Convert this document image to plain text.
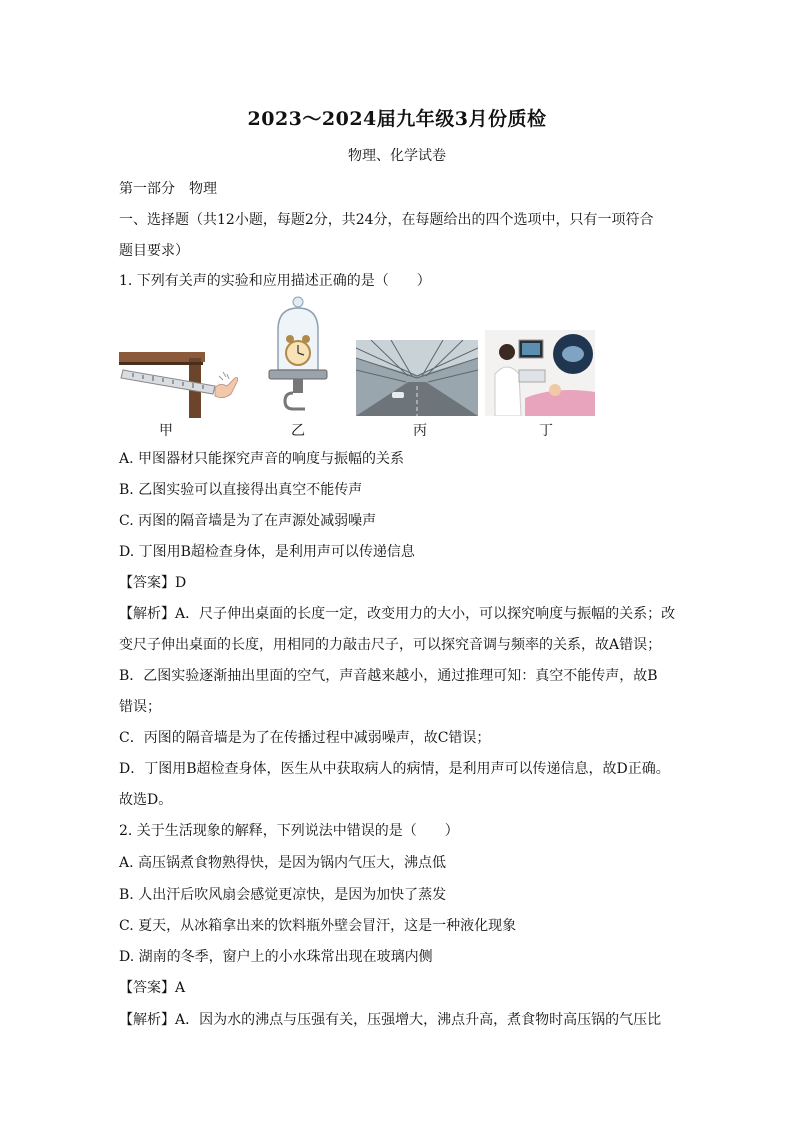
2023～2024届九年级3月份质检
物理、化学试卷
第一部分　物理
一、选择题（共12小题，每题2分，共24分，在每题给出的四个选项中，只有一项符合
题目要求）
1. 下列有关声的实验和应用描述正确的是（　　）
甲	乙	丙	丁
A. 甲图器材只能探究声音的响度与振幅的关系
B. 乙图实验可以直接得出真空不能传声
C. 丙图的隔音墙是为了在声源处减弱噪声
D. 丁图用B超检查身体，是利用声可以传递信息
【答案】D
【解析】A．尺子伸出桌面的长度一定，改变用力的大小，可以探究响度与振幅的关系；改
变尺子伸出桌面的长度，用相同的力敲击尺子，可以探究音调与频率的关系，故A错误；
B．乙图实验逐渐抽出里面的空气，声音越来越小，通过推理可知：真空不能传声，故B
错误；
C．丙图的隔音墙是为了在传播过程中减弱噪声，故C错误；
D．丁图用B超检查身体，医生从中获取病人的病情，是利用声可以传递信息，故D正确。
故选D。
2. 关于生活现象的解释，下列说法中错误的是（　　）
A. 高压锅煮食物熟得快，是因为锅内气压大，沸点低
B. 人出汗后吹风扇会感觉更凉快，是因为加快了蒸发
C. 夏天，从冰箱拿出来的饮料瓶外壁会冒汗，这是一种液化现象
D. 湖南的冬季，窗户上的小水珠常出现在玻璃内侧
【答案】A
【解析】A．因为水的沸点与压强有关，压强增大，沸点升高，煮食物时高压锅的气压比
